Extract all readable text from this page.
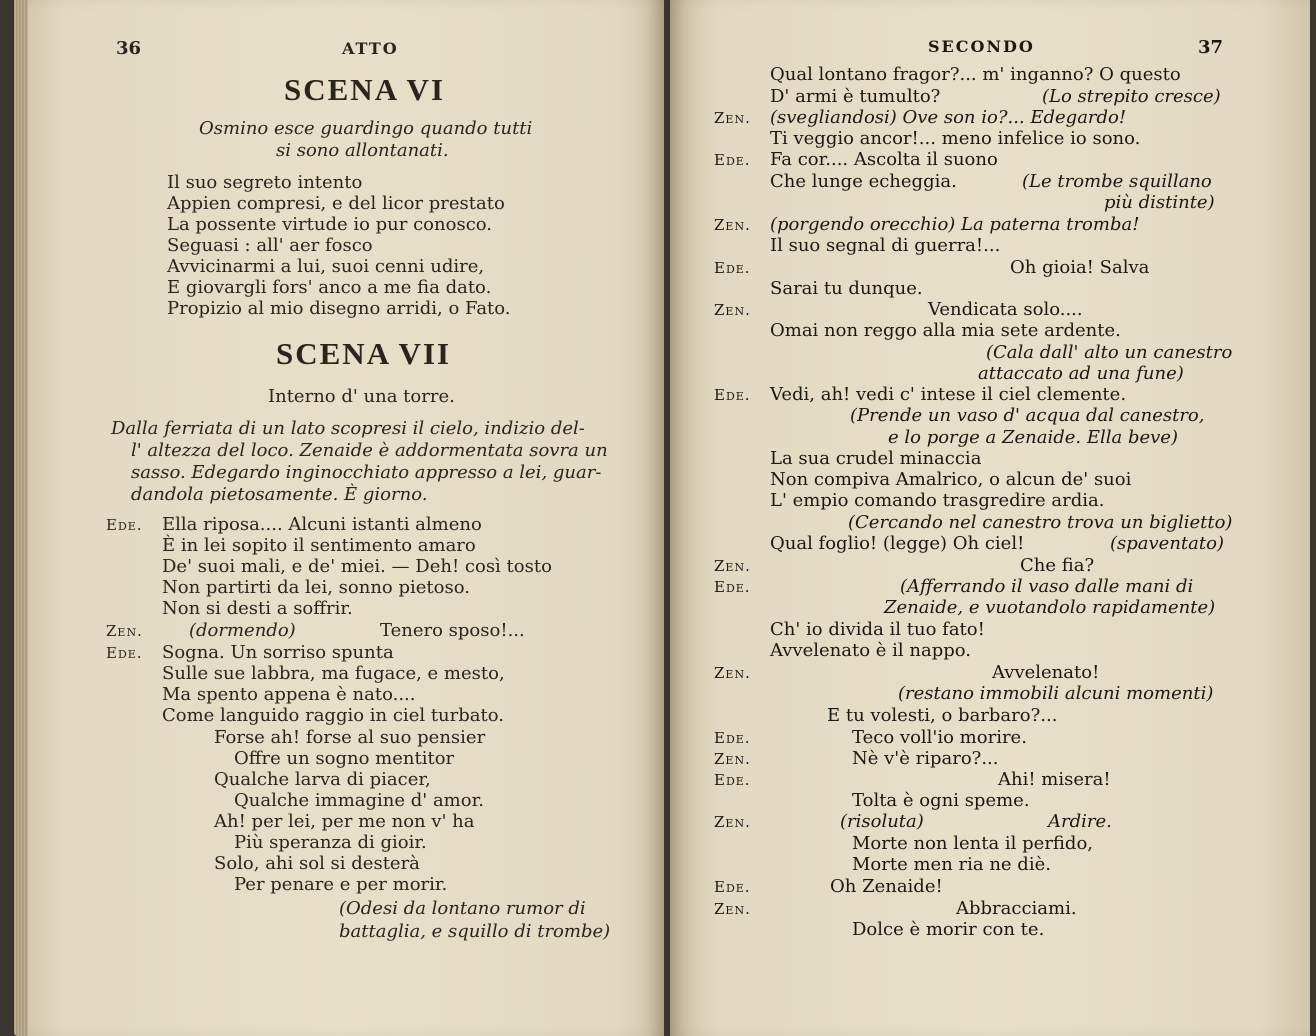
36	ATTO
SCENA VI
Osmino esce guardingo quando tutti
si sono allontanati.
Il suo segreto intento
Appien compresi, e del licor prestato
La possente virtude io pur conosco.
Seguasi : all' aer fosco
Avvicinarmi a lui, suoi cenni udire,
E giovargli fors' anco a me fia dato.
Propizio al mio disegno arridi, o Fato.
SCENA VII
Interno d' una torre.
Dalla ferriata di un lato scopresi il cielo, indizio del-
l' altezza del loco. Zenaide è addormentata sovra un
sasso. Edegardo inginocchiato appresso a lei, guar-
dandola pietosamente. È giorno.
Ede. Ella riposa.... Alcuni istanti almeno
È in lei sopito il sentimento amaro
De' suoi mali, e de' miei. — Deh! così tosto
Non partirti da lei, sonno pietoso.
Non si desti a soffrir.
Zen.	(dormendo)	Tenero sposo!...
Ede. Sogna. Un sorriso spunta
Sulle sue labbra, ma fugace, e mesto,
Ma spento appena è nato....
Come languido raggio in ciel turbato.
Forse ah! forse al suo pensier
Offre un sogno mentitor
Qualche larva di piacer,
Qualche immagine d' amor.
Ah! per lei, per me non v' ha
Più speranza di gioir.
Solo, ahi sol si desterà
Per penare e per morir.
(Odesi da lontano rumor di
battaglia, e squillo di trombe)
SECONDO	37
Qual lontano fragor?... m' inganno? O questo
D' armi è tumulto?	(Lo strepito cresce)
Zen. (svegliandosi) Ove son io?... Edegardo!
Ti veggio ancor!... meno infelice io sono.
Ede. Fa cor.... Ascolta il suono
Che lunge echeggia.	(Le trombe squillano
più distinte)
Zen. (porgendo orecchio) La paterna tromba!
Il suo segnal di guerra!...
Ede.	Oh gioia! Salva
Sarai tu dunque.
Zen.	Vendicata solo....
Omai non reggo alla mia sete ardente.
(Cala dall' alto un canestro
attaccato ad una fune)
Ede. Vedi, ah! vedi c' intese il ciel clemente.
(Prende un vaso d' acqua dal canestro,
e lo porge a Zenaide. Ella beve)
La sua crudel minaccia
Non compiva Amalrico, o alcun de' suoi
L' empio comando trasgredire ardia.
(Cercando nel canestro trova un biglietto)
Qual foglio! (legge) Oh ciel!	(spaventato)
Zen.	Che fia?
Ede.	(Afferrando il vaso dalle mani di
Zenaide, e vuotandolo rapidamente)
Ch' io divida il tuo fato!
Avvelenato è il nappo.
Zen.	Avvelenato!
(restano immobili alcuni momenti)
E tu volesti, o barbaro?...
Ede.	Teco voll'io morire.
Zen.	Nè v'è riparo?...
Ede.	Ahi! misera!
Tolta è ogni speme.
Zen.	(risoluta)	Ardire.
Morte non lenta il perfido,
Morte men ria ne diè.
Ede.	Oh Zenaide!
Zen.	Abbracciami.
Dolce è morir con te.
